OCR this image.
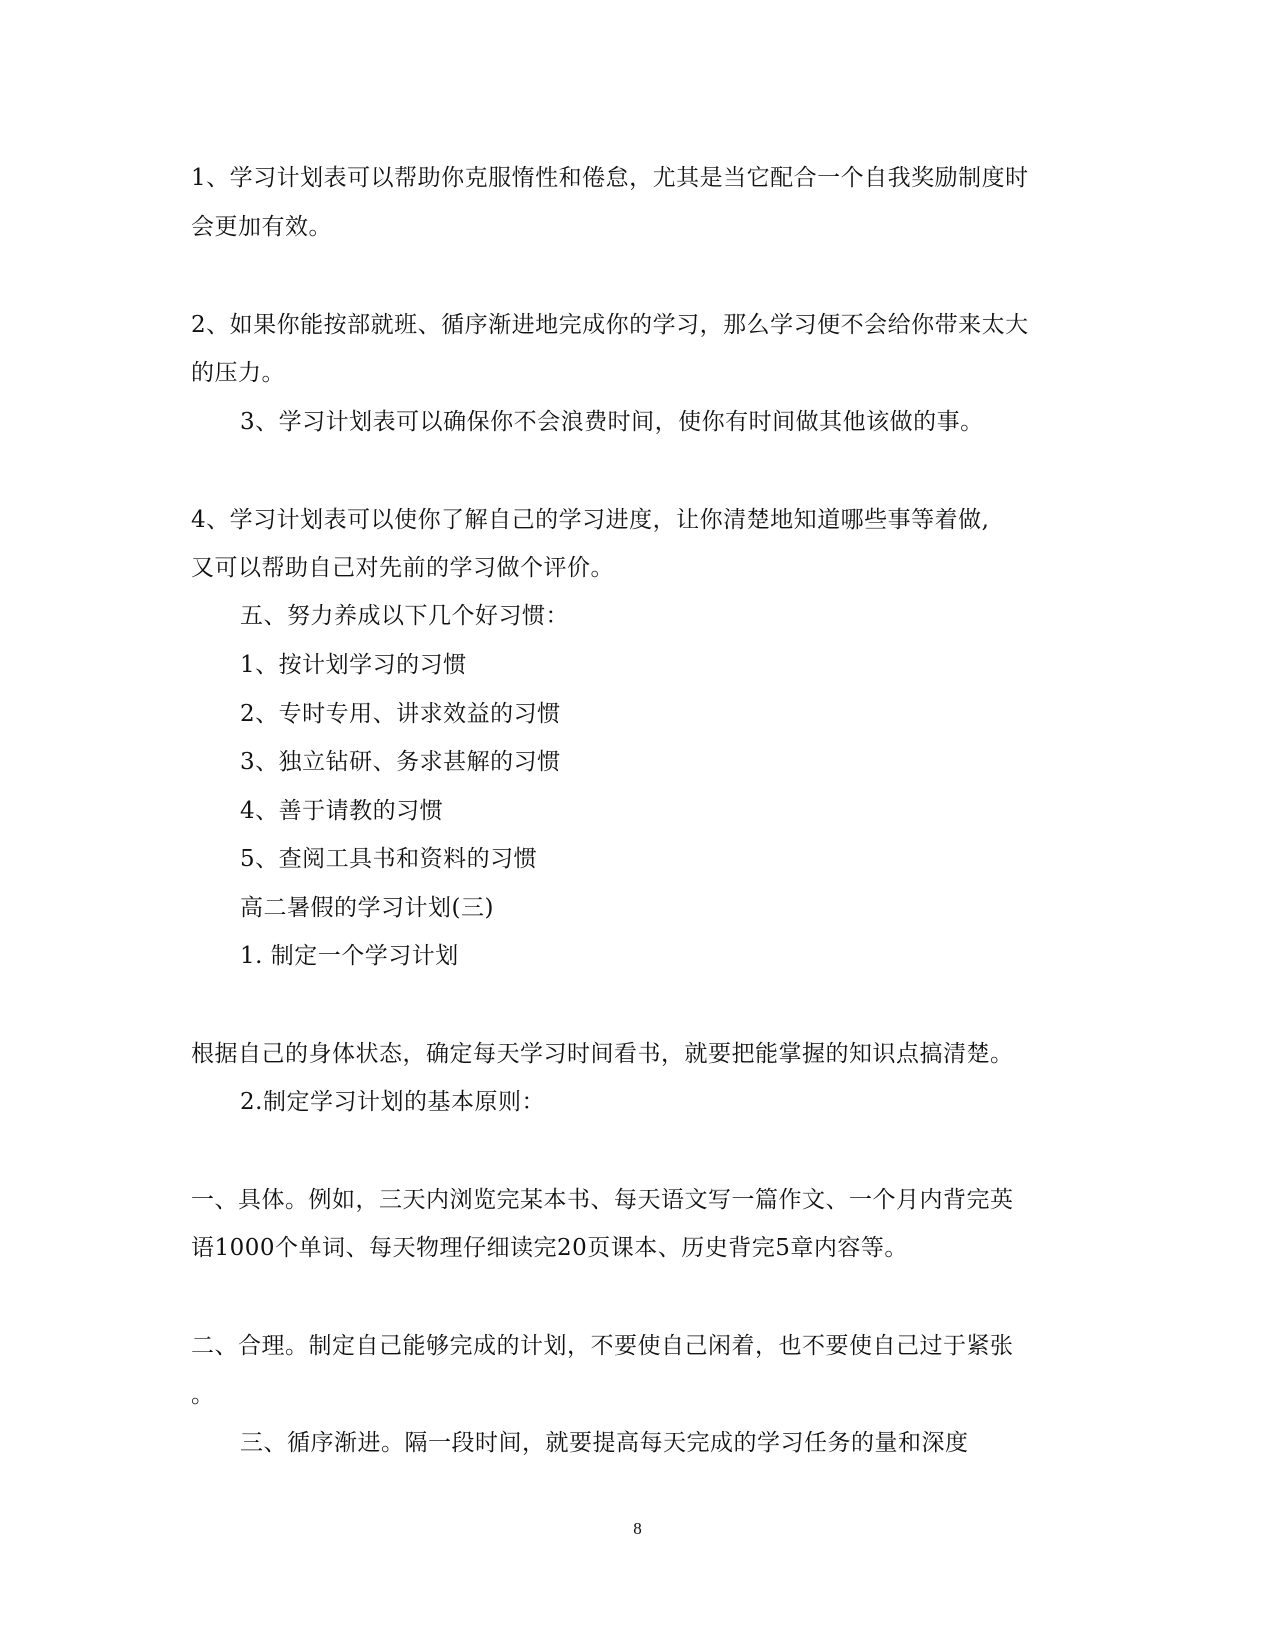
1、学习计划表可以帮助你克服惰性和倦怠，尤其是当它配合一个自我奖励制度时
会更加有效。
2、如果你能按部就班、循序渐进地完成你的学习，那么学习便不会给你带来太大
的压力。
3、学习计划表可以确保你不会浪费时间，使你有时间做其他该做的事。
4、学习计划表可以使你了解自己的学习进度，让你清楚地知道哪些事等着做,
又可以帮助自己对先前的学习做个评价。
五、努力养成以下几个好习惯：
1、按计划学习的习惯
2、专时专用、讲求效益的习惯
3、独立钻研、务求甚解的习惯
4、善于请教的习惯
5、查阅工具书和资料的习惯
高二暑假的学习计划(三)
1. 制定一个学习计划
根据自己的身体状态，确定每天学习时间看书，就要把能掌握的知识点搞清楚。
2.制定学习计划的基本原则：
一、具体。例如，三天内浏览完某本书、每天语文写一篇作文、一个月内背完英
语1000个单词、每天物理仔细读完20页课本、历史背完5章内容等。
二、合理。制定自己能够完成的计划，不要使自己闲着，也不要使自己过于紧张
。
三、循序渐进。隔一段时间，就要提高每天完成的学习任务的量和深度
8
